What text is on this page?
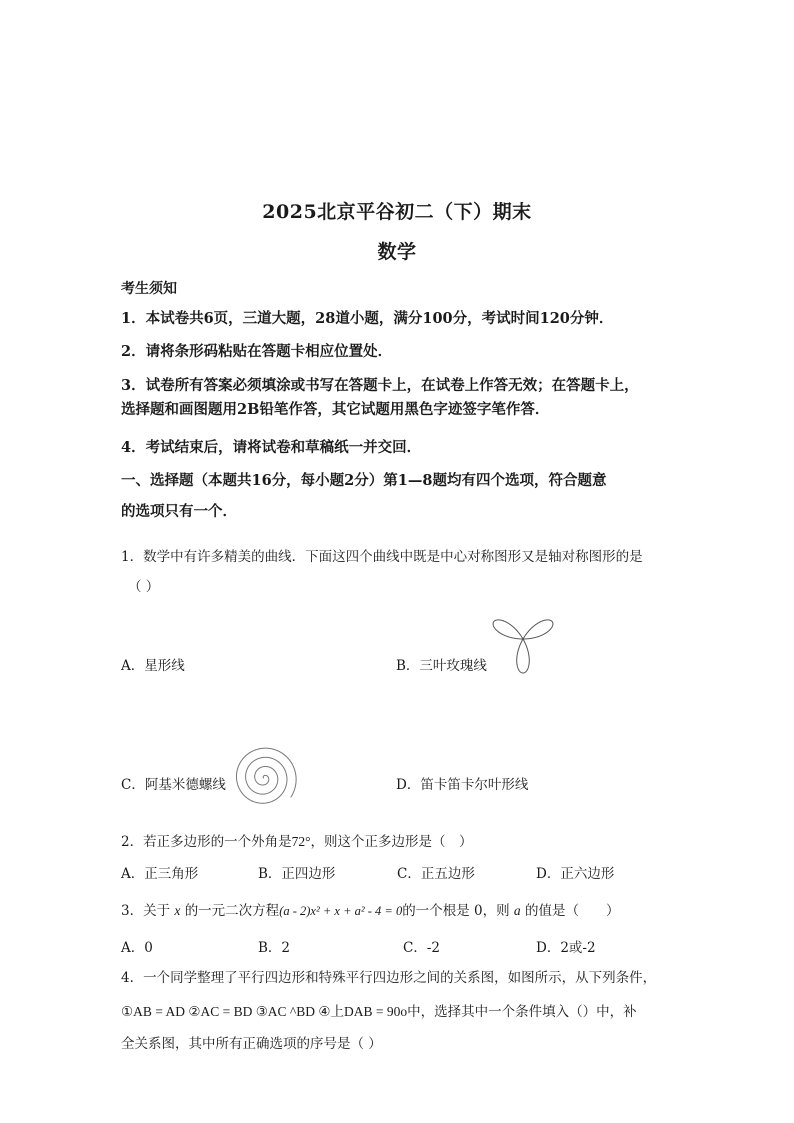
2025北京平谷初二（下）期末
数学
考生须知
1．本试卷共6页，三道大题，28道小题，满分100分，考试时间120分钟．
2．请将条形码粘贴在答题卡相应位置处．
3．试卷所有答案必须填涂或书写在答题卡上，在试卷上作答无效；在答题卡上，
选择题和画图题用2B铅笔作答，其它试题用黑色字迹签字笔作答．
4．考试结束后，请将试卷和草稿纸一并交回．
一、选择题（本题共16分，每小题2分）第1—8题均有四个选项，符合题意
的选项只有一个．
1．数学中有许多精美的曲线．下面这四个曲线中既是中心对称图形又是轴对称图形的是
（ ）
A．星形线	B．三叶玫瑰线
C．阿基米德螺线	D．笛卡笛卡尔叶形线
2．若正多边形的一个外角是72°，则这个正多边形是（　）
A．正三角形	B．正四边形	C．正五边形	D．正六边形
3．关于 x 的一元二次方程(a - 2)x² + x + a² - 4 = 0的一个根是 0，则 a 的值是（　　）
A．0	B．2	C．-2	D．2或-2
4．一个同学整理了平行四边形和特殊平行四边形之间的关系图，如图所示，从下列条件，
①AB = AD ②AC = BD ③AC ^BD ④上DAB = 90o中，选择其中一个条件填入（）中，补
全关系图，其中所有正确选项的序号是（ ）
